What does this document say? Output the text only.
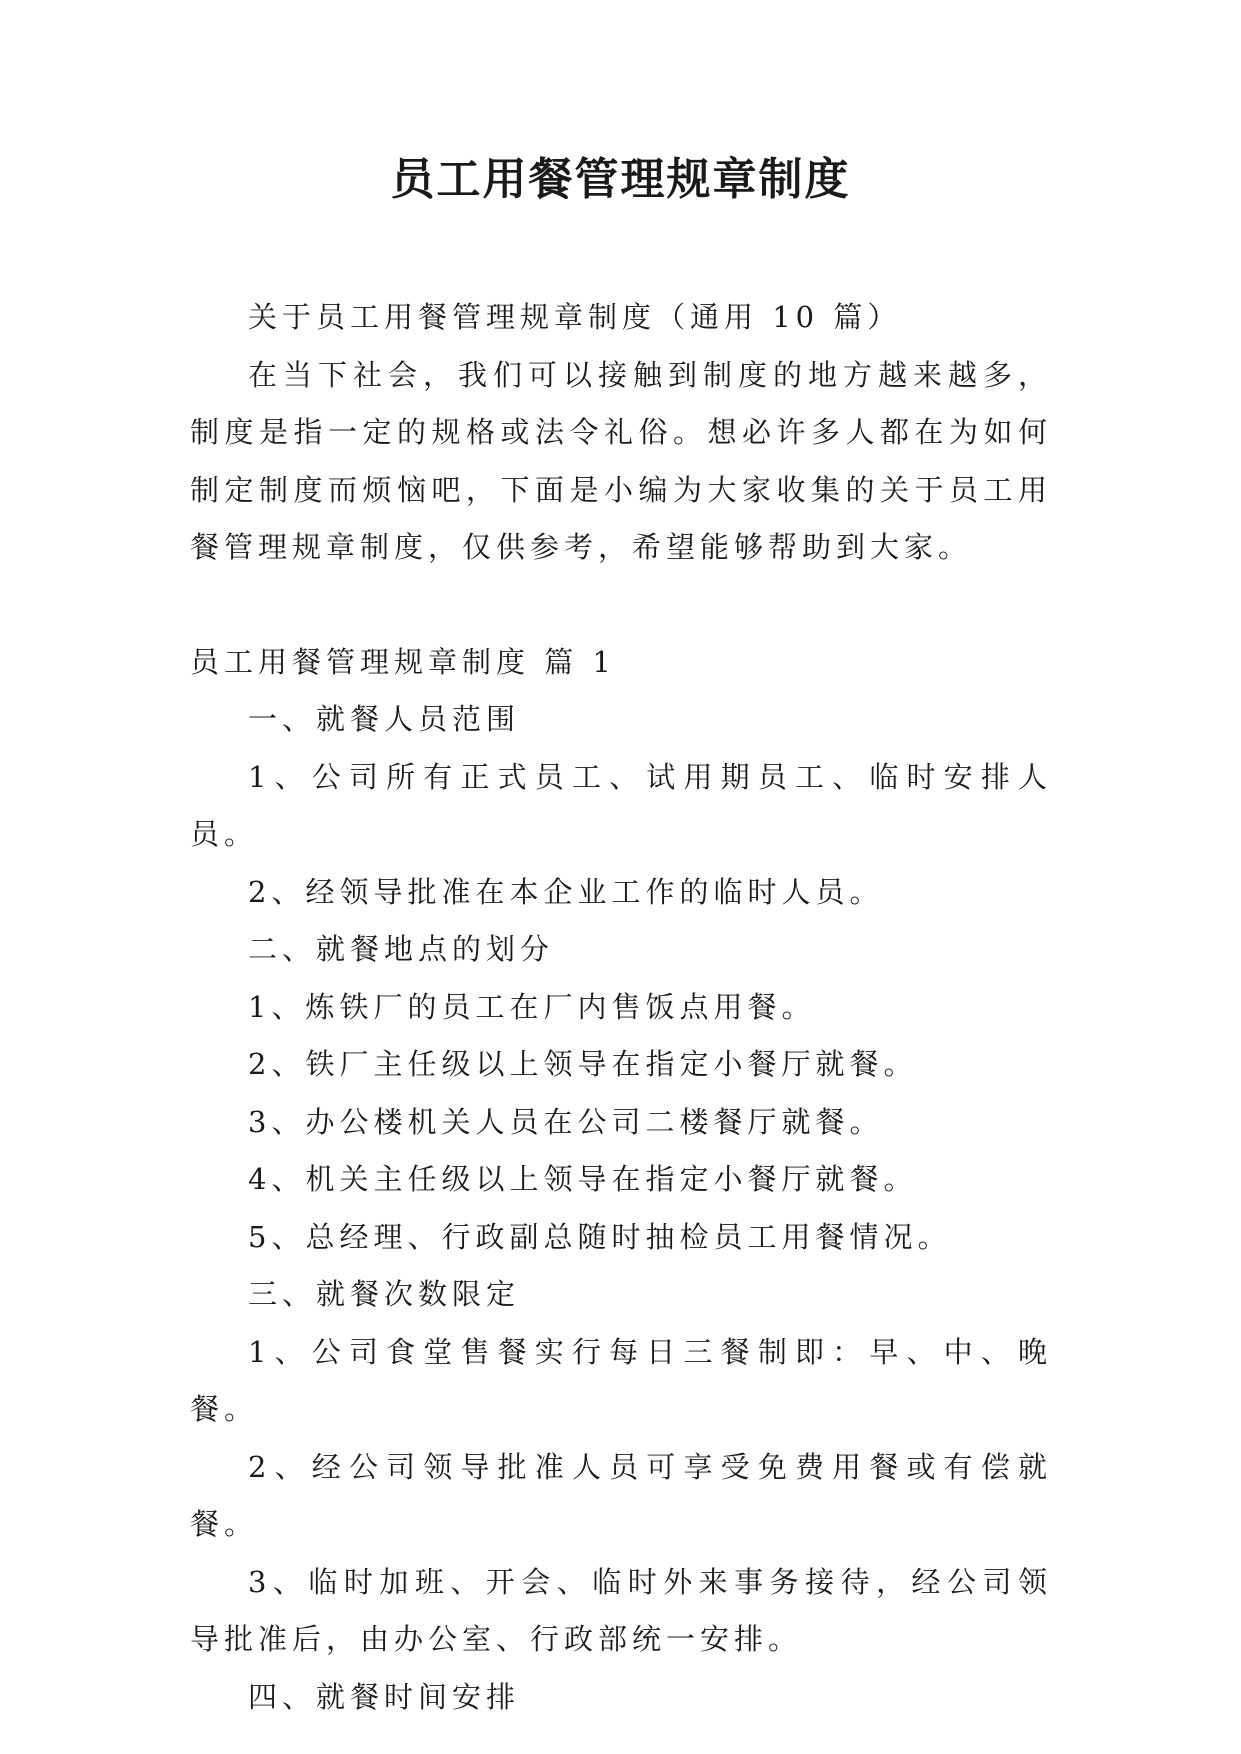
员工用餐管理规章制度

关于员工用餐管理规章制度（通用 10 篇）

在当下社会，我们可以接触到制度的地方越来越多，制度是指一定的规格或法令礼俗。想必许多人都在为如何制定制度而烦恼吧，下面是小编为大家收集的关于员工用餐管理规章制度，仅供参考，希望能够帮助到大家。

员工用餐管理规章制度 篇 1

一、就餐人员范围

1、公司所有正式员工、试用期员工、临时安排人员。

2、经领导批准在本企业工作的临时人员。

二、就餐地点的划分

1、炼铁厂的员工在厂内售饭点用餐。

2、铁厂主任级以上领导在指定小餐厅就餐。

3、办公楼机关人员在公司二楼餐厅就餐。

4、机关主任级以上领导在指定小餐厅就餐。

5、总经理、行政副总随时抽检员工用餐情况。

三、就餐次数限定

1、公司食堂售餐实行每日三餐制即：早、中、晚餐。

2、经公司领导批准人员可享受免费用餐或有偿就餐。

3、临时加班、开会、临时外来事务接待，经公司领导批准后，由办公室、行政部统一安排。

四、就餐时间安排
